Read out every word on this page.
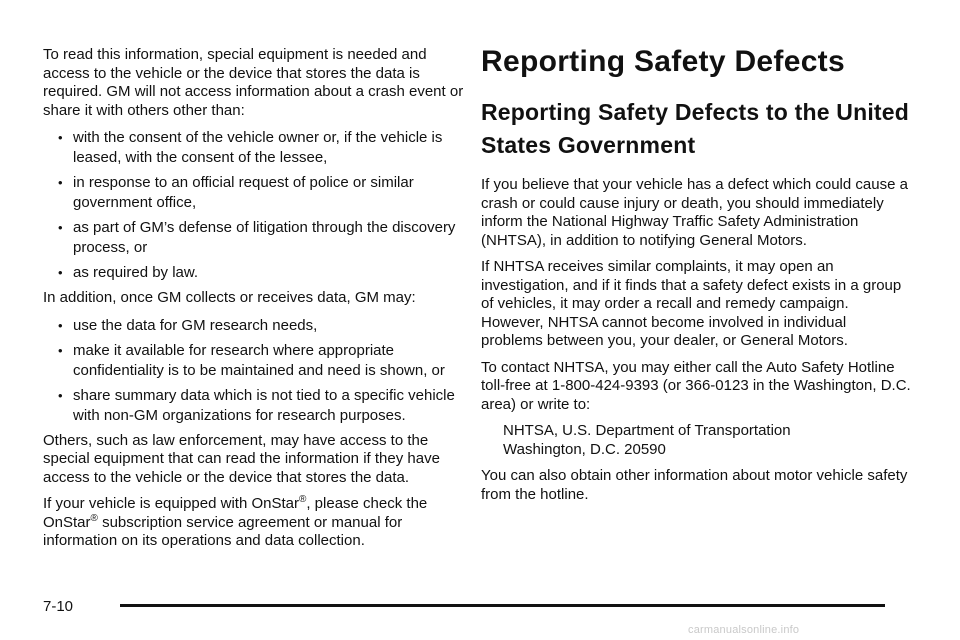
To read this information, special equipment is needed and access to the vehicle or the device that stores the data is required. GM will not access information about a crash event or share it with others other than:

• with the consent of the vehicle owner or, if the vehicle is leased, with the consent of the lessee,
• in response to an official request of police or similar government office,
• as part of GM’s defense of litigation through the discovery process, or
• as required by law.

In addition, once GM collects or receives data, GM may:

• use the data for GM research needs,
• make it available for research where appropriate confidentiality is to be maintained and need is shown, or
• share summary data which is not tied to a specific vehicle with non-GM organizations for research purposes.

Others, such as law enforcement, may have access to the special equipment that can read the information if they have access to the vehicle or the device that stores the data.

If your vehicle is equipped with OnStar®, please check the OnStar® subscription service agreement or manual for information on its operations and data collection.

Reporting Safety Defects
Reporting Safety Defects to the United States Government

If you believe that your vehicle has a defect which could cause a crash or could cause injury or death, you should immediately inform the National Highway Traffic Safety Administration (NHTSA), in addition to notifying General Motors.

If NHTSA receives similar complaints, it may open an investigation, and if it finds that a safety defect exists in a group of vehicles, it may order a recall and remedy campaign. However, NHTSA cannot become involved in individual problems between you, your dealer, or General Motors.

To contact NHTSA, you may either call the Auto Safety Hotline toll-free at 1-800-424-9393 (or 366-0123 in the Washington, D.C. area) or write to:

NHTSA, U.S. Department of Transportation
Washington, D.C. 20590

You can also obtain other information about motor vehicle safety from the hotline.

7-10
carmanualsonline.info
